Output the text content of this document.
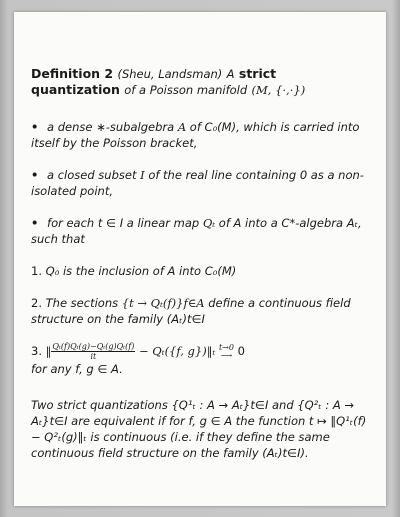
Definition 2 (Sheu, Landsman) A strict quantization of a Poisson manifold (M, {·,·})

• a dense ∗-subalgebra A of C₀(M), which is carried into itself by the Poisson bracket,

• a closed subset I of the real line containing 0 as a non-isolated point,

• for each t ∈ I a linear map Qₜ of A into a C*-algebra Aₜ, such that

1. Q₀ is the inclusion of A into C₀(M)

2. The sections {t → Qₜ(f)}f∈A define a continuous field structure on the family (Aₜ)t∈I

3. ‖ $\frac{\text{Qₜ(f)Qₜ(g)−Qₜ(g)Qₜ(f)}}{it} - Q_t(\{f$, g})‖ₜ t→0
⟶ 0
for any f, g ∈ A.

Two strict quantizations {Q¹ₜ : A → Aₜ}t∈I and {Q²ₜ : A → Aₜ}t∈I are equivalent if for f, g ∈ A the function t ↦ ‖Q¹ₜ(f) − Q²ₜ(g)‖ₜ is continuous (i.e. if they define the same continuous field structure on the family (Aₜ)t∈I).
